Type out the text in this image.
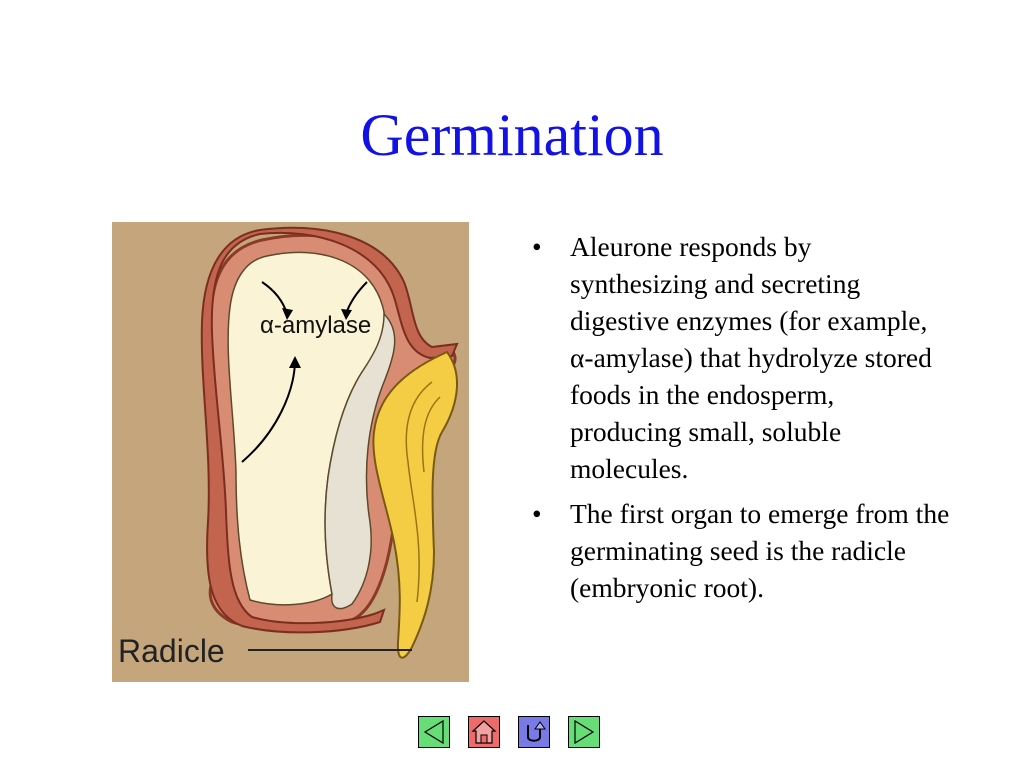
Germination
α-amylase
Radicle
• Aleurone responds by synthesizing and secreting digestive enzymes (for example, α-amylase) that hydrolyze stored foods in the endosperm, producing small, soluble molecules.
• The first organ to emerge from the germinating seed is the radicle (embryonic root).
